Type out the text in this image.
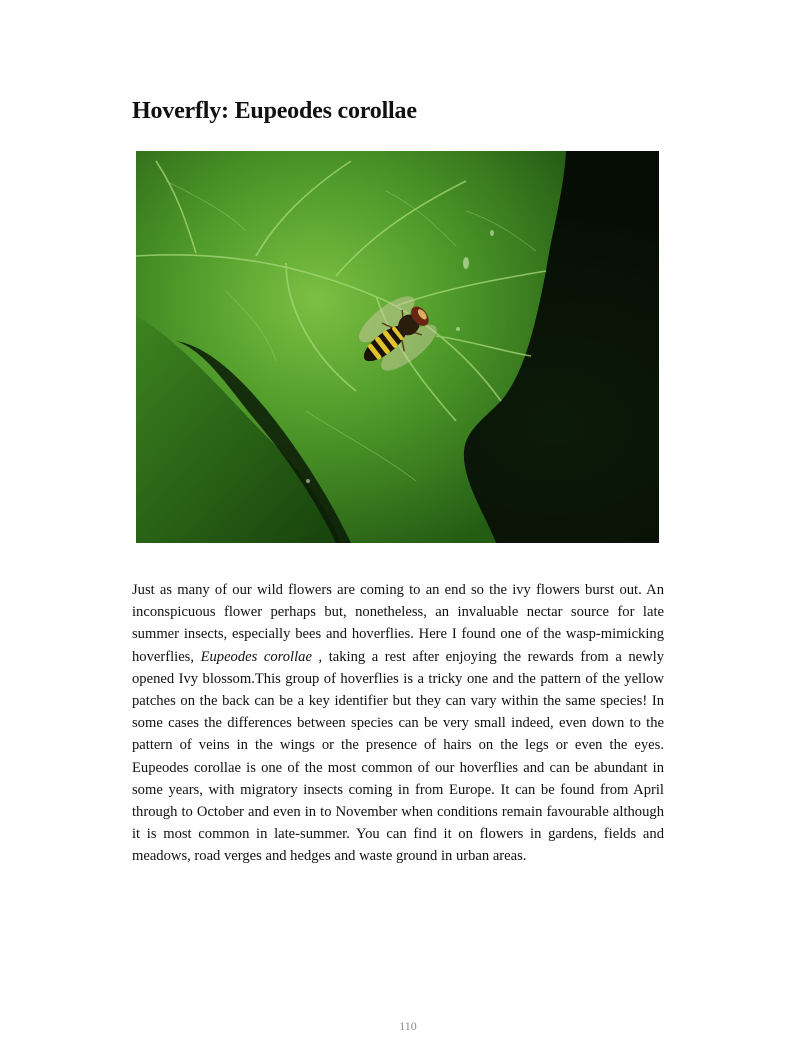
Hoverfly: Eupeodes corollae

Just as many of our wild flowers are coming to an end so the ivy flowers burst out. An inconspicuous flower perhaps but, nonetheless, an invaluable nectar source for late summer insects, especially bees and hoverflies. Here I found one of the wasp-mimicking hoverflies, Eupeodes corollae , taking a rest after enjoying the rewards from a newly opened Ivy blossom.This group of hoverflies is a tricky one and the pattern of the yellow patches on the back can be a key identifier but they can vary within the same species! In some cases the differences between species can be very small indeed, even down to the pattern of veins in the wings or the presence of hairs on the legs or even the eyes. Eupeodes corollae is one of the most common of our hoverflies and can be abundant in some years, with migratory insects coming in from Europe. It can be found from April through to October and even in to November when conditions remain favourable although it is most common in late-summer. You can find it on flowers in gardens, fields and meadows, road verges and hedges and waste ground in urban areas.

110
